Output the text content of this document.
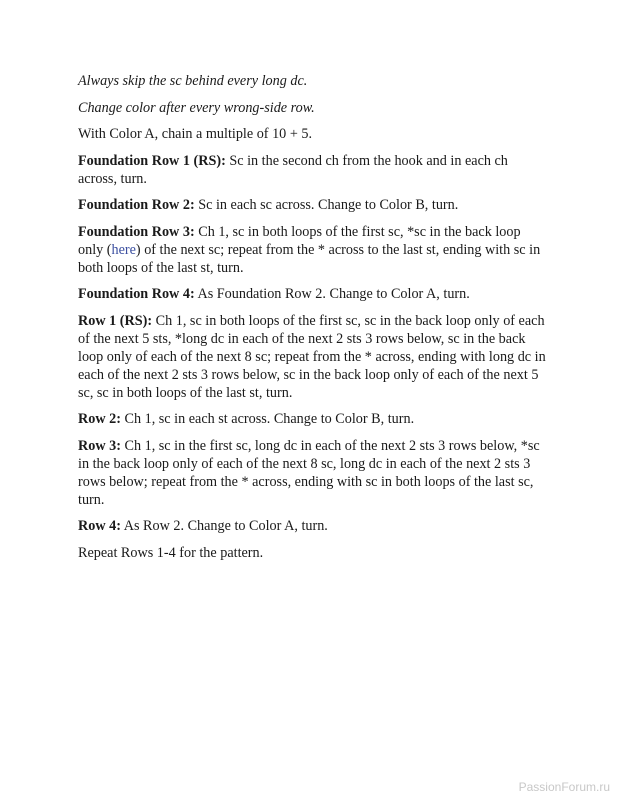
Always skip the sc behind every long dc.

Change color after every wrong-side row.

With Color A, chain a multiple of 10 + 5.

Foundation Row 1 (RS): Sc in the second ch from the hook and in each ch across, turn.

Foundation Row 2: Sc in each sc across. Change to Color B, turn.

Foundation Row 3: Ch 1, sc in both loops of the first sc, *sc in the back loop only (here) of the next sc; repeat from the * across to the last st, ending with sc in both loops of the last st, turn.

Foundation Row 4: As Foundation Row 2. Change to Color A, turn.

Row 1 (RS): Ch 1, sc in both loops of the first sc, sc in the back loop only of each of the next 5 sts, *long dc in each of the next 2 sts 3 rows below, sc in the back loop only of each of the next 8 sc; repeat from the * across, ending with long dc in each of the next 2 sts 3 rows below, sc in the back loop only of each of the next 5 sc, sc in both loops of the last st, turn.

Row 2: Ch 1, sc in each st across. Change to Color B, turn.

Row 3: Ch 1, sc in the first sc, long dc in each of the next 2 sts 3 rows below, *sc in the back loop only of each of the next 8 sc, long dc in each of the next 2 sts 3 rows below; repeat from the * across, ending with sc in both loops of the last sc, turn.

Row 4: As Row 2. Change to Color A, turn.

Repeat Rows 1-4 for the pattern.

PassionForum.ru
